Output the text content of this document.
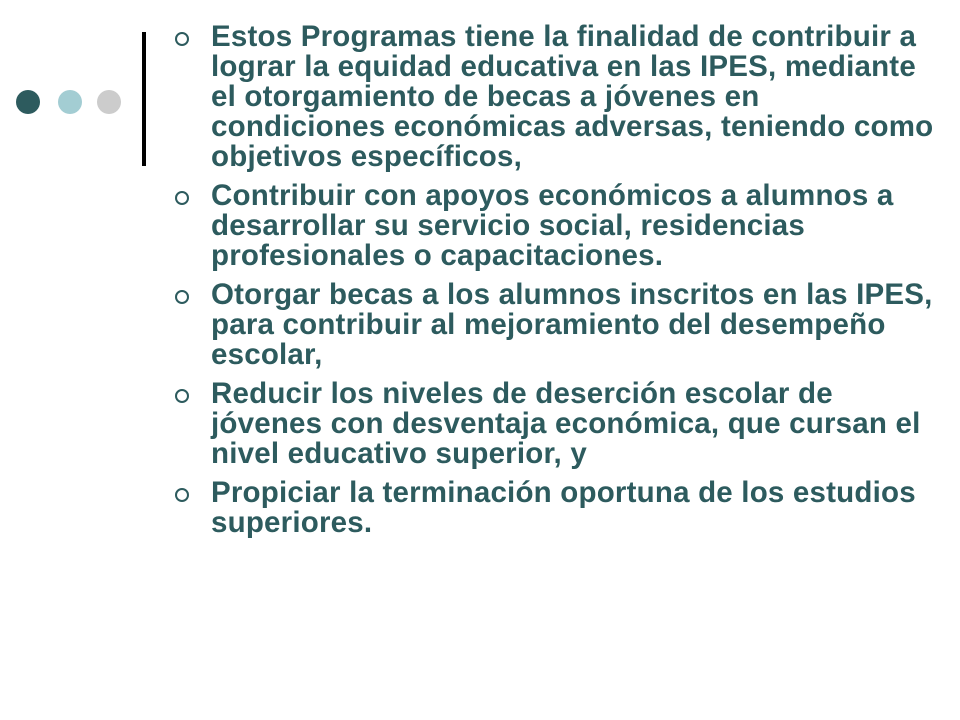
Estos Programas tiene la finalidad de contribuir a lograr la equidad educativa en las IPES, mediante el otorgamiento de becas a jóvenes en condiciones económicas adversas, teniendo como objetivos específicos,
Contribuir con apoyos económicos a alumnos a desarrollar su servicio social, residencias profesionales o capacitaciones.
Otorgar becas a los alumnos inscritos en las IPES, para contribuir al mejoramiento del desempeño escolar,
Reducir los niveles de deserción escolar de jóvenes con desventaja económica, que cursan el nivel educativo superior, y
Propiciar la terminación oportuna de los estudios superiores.
